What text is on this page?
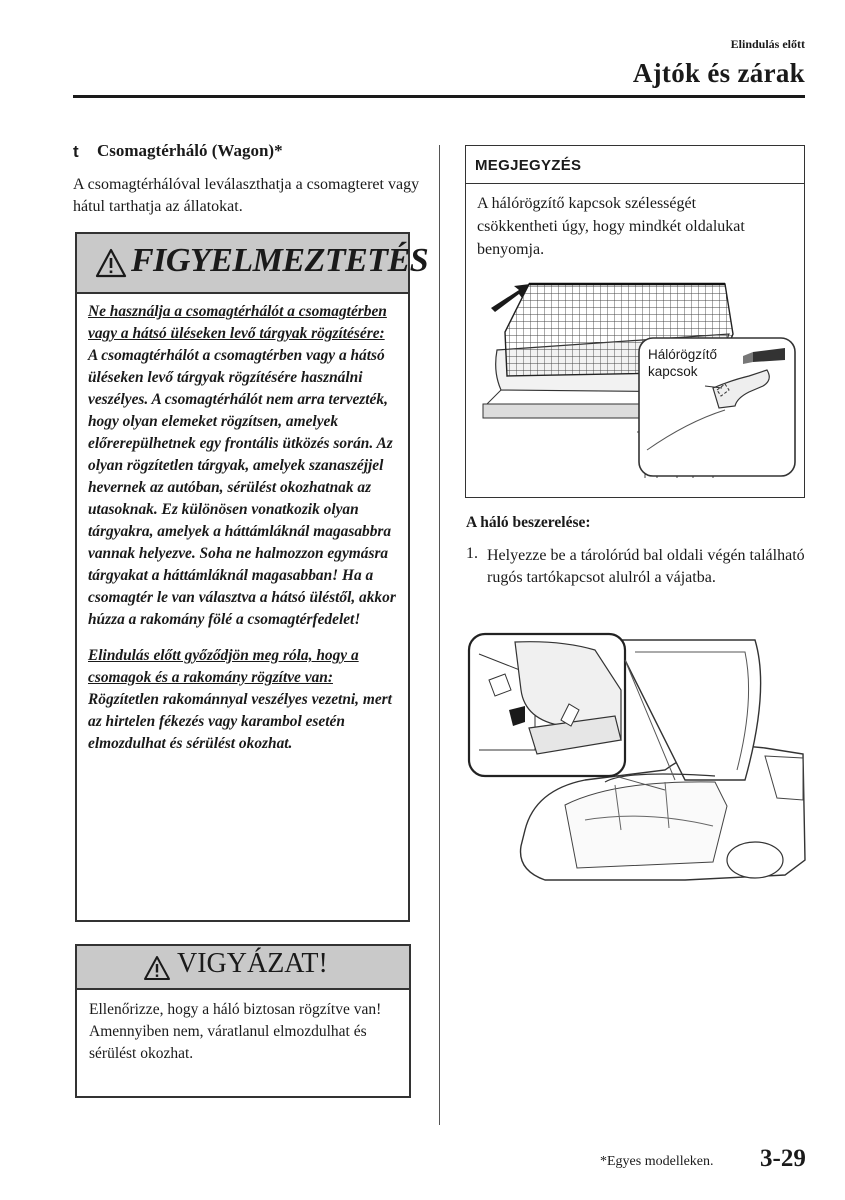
Elindulás előtt
Ajtók és zárak
t Csomagtérháló (Wagon)*
A csomagtérhálóval leválaszthatja a csomagteret vagy hátul tarthatja az állatokat.
FIGYELMEZTETÉS

Ne használja a csomagtérhálót a csomagtérben vagy a hátsó üléseken levő tárgyak rögzítésére:

A csomagtérhálót a csomagtérben vagy a hátsó üléseken levő tárgyak rögzítésére használni veszélyes. A csomagtérhálót nem arra tervezték, hogy olyan elemeket rögzítsen, amelyek előrerepülhetnek egy frontális ütközés során. Az olyan rögzítetlen tárgyak, amelyek szanaszéjjel hevernek az autóban, sérülést okozhatnak az utasoknak. Ez különösen vonatkozik olyan tárgyakra, amelyek a háttámláknál magasabbra vannak helyezve. Soha ne halmozzon egymásra tárgyakat a háttámláknál magasabban! Ha a csomagtér le van választva a hátsó üléstől, akkor húzza a rakomány fölé a csomagtérfedelet!

Elindulás előtt győződjön meg róla, hogy a csomagok és a rakomány rögzítve van:

Rögzítetlen rakománnyal veszélyes vezetni, mert az hirtelen fékezés vagy karambol esetén elmozdulhat és sérülést okozhat.

VIGYÁZAT!
Ellenőrizze, hogy a háló biztosan rögzítve van! Amennyiben nem, váratlanul elmozdulhat és sérülést okozhat.
MEGJEGYZÉS
A hálórögzítő kapcsok szélességét csökkentheti úgy, hogy mindkét oldalukat benyomja.
Hálórögzítő
kapcsok
A háló beszerelése:
1. Helyezze be a tárolórúd bal oldali végén található rugós tartókapcsot alulról a vájatba.
*Egyes modelleken. 3-29
